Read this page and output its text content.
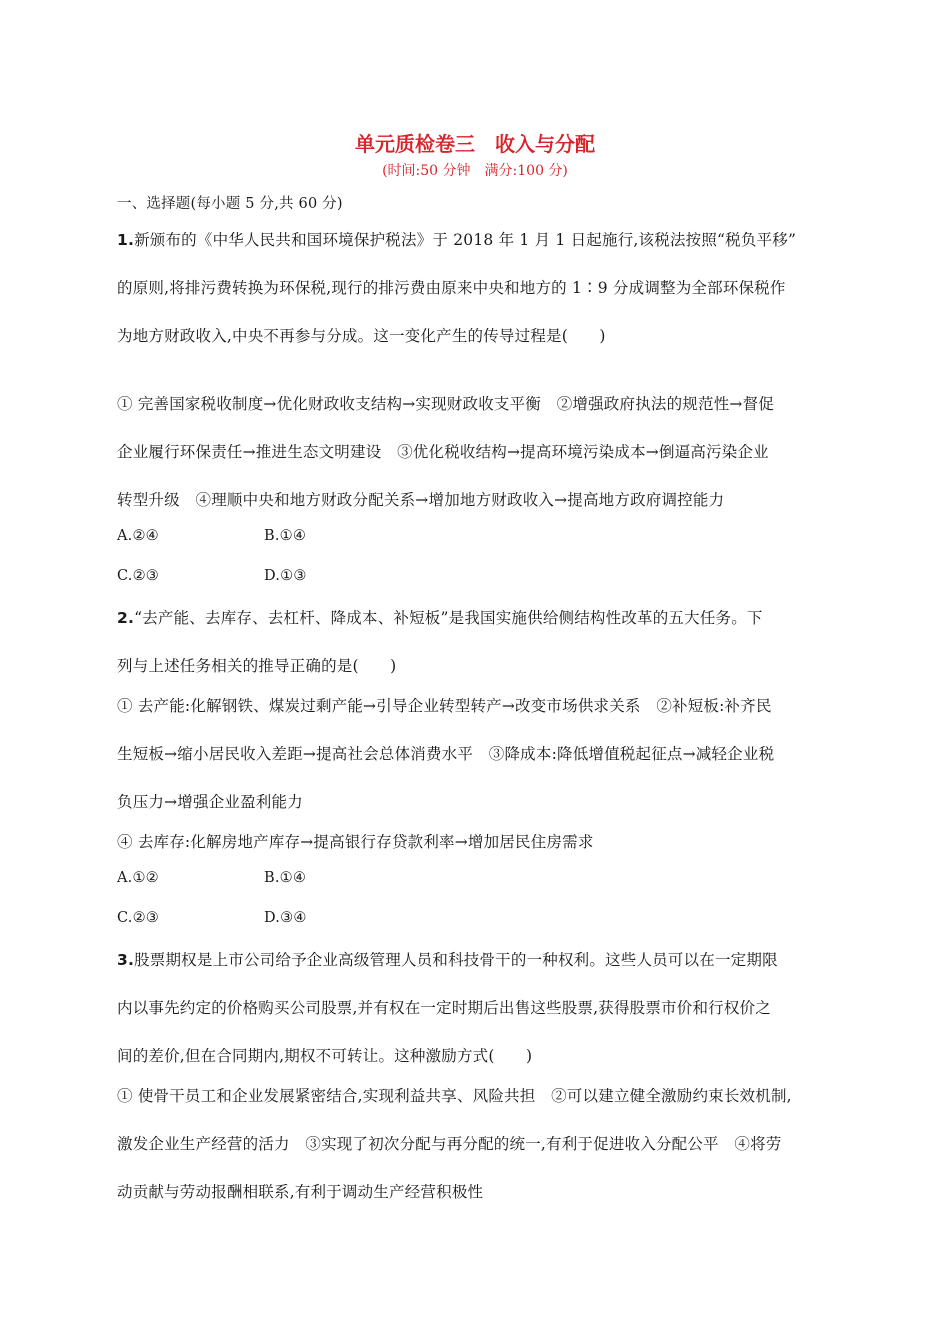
单元质检卷三　收入与分配
(时间:50 分钟　满分:100 分)
一、选择题(每小题 5 分,共 60 分)
1.新颁布的《中华人民共和国环境保护税法》于 2018 年 1 月 1 日起施行,该税法按照“税负平移”
的原则,将排污费转换为环保税,现行的排污费由原来中央和地方的 1∶9 分成调整为全部环保税作
为地方财政收入,中央不再参与分成。这一变化产生的传导过程是(　　)
① 完善国家税收制度→优化财政收支结构→实现财政收支平衡　②增强政府执法的规范性→督促
企业履行环保责任→推进生态文明建设　③优化税收结构→提高环境污染成本→倒逼高污染企业
转型升级　④理顺中央和地方财政分配关系→增加地方财政收入→提高地方政府调控能力
A.②④	B.①④
C.②③	D.①③
2.“去产能、去库存、去杠杆、降成本、补短板”是我国实施供给侧结构性改革的五大任务。下
列与上述任务相关的推导正确的是(　　)
① 去产能:化解钢铁、煤炭过剩产能→引导企业转型转产→改变市场供求关系　②补短板:补齐民
生短板→缩小居民收入差距→提高社会总体消费水平　③降成本:降低增值税起征点→减轻企业税
负压力→增强企业盈利能力
④ 去库存:化解房地产库存→提高银行存贷款利率→增加居民住房需求
A.①②	B.①④
C.②③	D.③④
3.股票期权是上市公司给予企业高级管理人员和科技骨干的一种权利。这些人员可以在一定期限
内以事先约定的价格购买公司股票,并有权在一定时期后出售这些股票,获得股票市价和行权价之
间的差价,但在合同期内,期权不可转让。这种激励方式(　　)
① 使骨干员工和企业发展紧密结合,实现利益共享、风险共担　②可以建立健全激励约束长效机制,
激发企业生产经营的活力　③实现了初次分配与再分配的统一,有利于促进收入分配公平　④将劳
动贡献与劳动报酬相联系,有利于调动生产经营积极性
